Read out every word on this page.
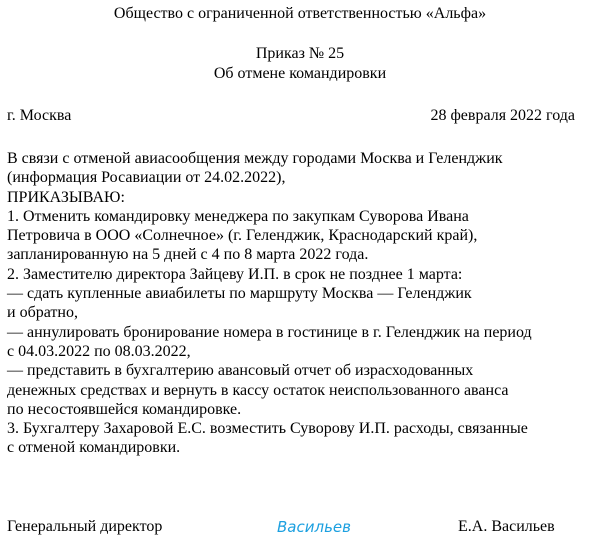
Общество с ограниченной ответственностью «Альфа»
Приказ № 25
Об отмене командировки
г. Москва	28 февраля 2022 года
В связи с отменой авиасообщения между городами Москва и Геленджик
(информация Росавиации от 24.02.2022),
ПРИКАЗЫВАЮ:
1. Отменить командировку менеджера по закупкам Суворова Ивана
Петровича в ООО «Солнечное» (г. Геленджик, Краснодарский край),
запланированную на 5 дней с 4 по 8 марта 2022 года.
2. Заместителю директора Зайцеву И.П. в срок не позднее 1 марта:
— сдать купленные авиабилеты по маршруту Москва — Геленджик
и обратно,
— аннулировать бронирование номера в гостинице в г. Геленджик на период
с 04.03.2022 по 08.03.2022,
— представить в бухгалтерию авансовый отчет об израсходованных
денежных средствах и вернуть в кассу остаток неиспользованного аванса
по несостоявшейся командировке.
3. Бухгалтеру Захаровой Е.С. возместить Суворову И.П. расходы, связанные
с отменой командировки.
Генеральный директор	Васильев	Е.А. Васильев
